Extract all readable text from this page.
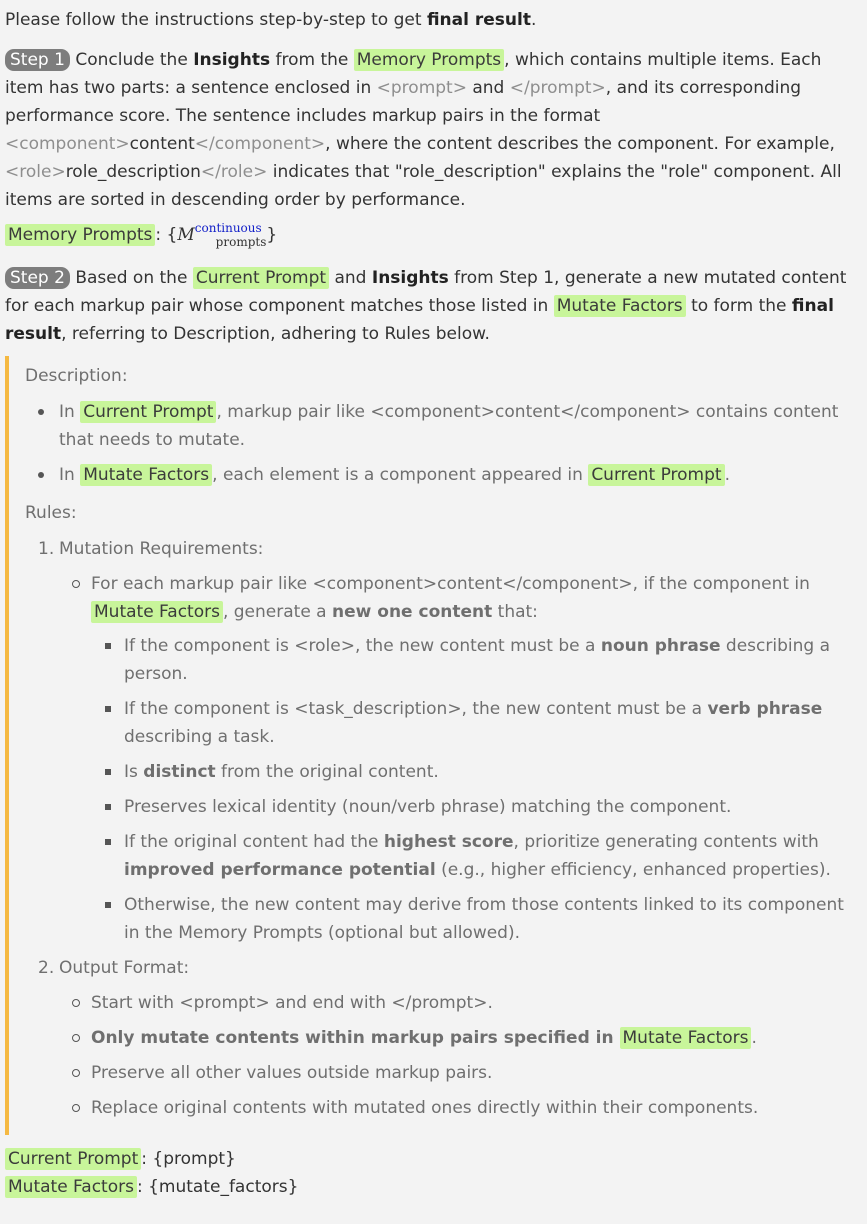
Please follow the instructions step-by-step to get final result.

Step 1 Conclude the Insights from the Memory Prompts , which contains multiple items. Each item has two parts: a sentence enclosed in <prompt> and </prompt>, and its corresponding performance score. The sentence includes markup pairs in the format <component>content</component>, where the content describes the component. For example, <role>role_description</role> indicates that "role_description" explains the "role" component. All items are sorted in descending order by performance.

Memory Prompts : $\{M^{continuous}_{prompts}\}$

Step 2 Based on the Current Prompt and Insights from Step 1, generate a new mutated content for each markup pair whose component matches those listed in Mutate Factors to form the final result, referring to Description, adhering to Rules below.

Description:

In Current Prompt , markup pair like <component>content</component> contains content that needs to mutate.
In Mutate Factors , each element is a component appeared in Current Prompt .

Rules:

1. Mutation Requirements:
For each markup pair like <component>content</component>, if the component in Mutate Factors , generate a new one content that:
If the component is <role>, the new content must be a noun phrase describing a person.
If the component is <task_description>, the new content must be a verb phrase describing a task.
Is distinct from the original content.
Preserves lexical identity (noun/verb phrase) matching the component.
If the original content had the highest score, prioritize generating contents with improved performance potential (e.g., higher efficiency, enhanced properties).
Otherwise, the new content may derive from those contents linked to its component in the Memory Prompts (optional but allowed).
2. Output Format:
Start with <prompt> and end with </prompt>.
Only mutate contents within markup pairs specified in Mutate Factors .
Preserve all other values outside markup pairs.
Replace original contents with mutated ones directly within their components.

Current Prompt : {prompt}

Mutate Factors : {mutate_factors}
